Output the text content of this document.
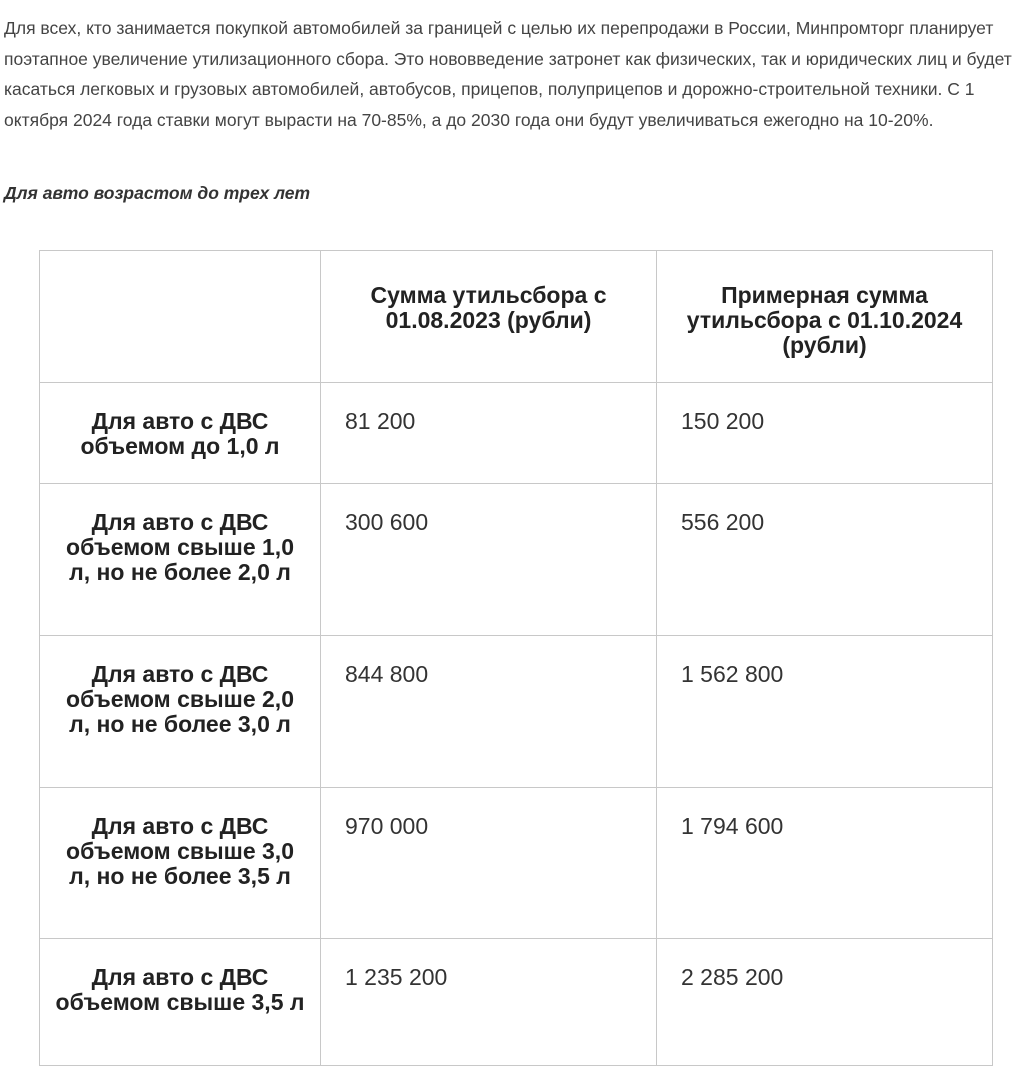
Для всех, кто занимается покупкой автомобилей за границей с целью их перепродажи в России, Минпромторг планирует поэтапное увеличение утилизационного сбора. Это нововведение затронет как физических, так и юридических лиц и будет касаться легковых и грузовых автомобилей, автобусов, прицепов, полуприцепов и дорожно-строительной техники. С 1 октября 2024 года ставки могут вырасти на 70-85%, а до 2030 года они будут увеличиваться ежегодно на 10-20%.

Для авто возрастом до трех лет

	Сумма утильсбора с 01.08.2023 (рубли)	Примерная сумма утильсбора с 01.10.2024 (рубли)
Для авто с ДВС объемом до 1,0 л	81 200	150 200
Для авто с ДВС объемом свыше 1,0 л, но не более 2,0 л	300 600	556 200
Для авто с ДВС объемом свыше 2,0 л, но не более 3,0 л	844 800	1 562 800
Для авто с ДВС объемом свыше 3,0 л, но не более 3,5 л	970 000	1 794 600
Для авто с ДВС объемом свыше 3,5 л	1 235 200	2 285 200
